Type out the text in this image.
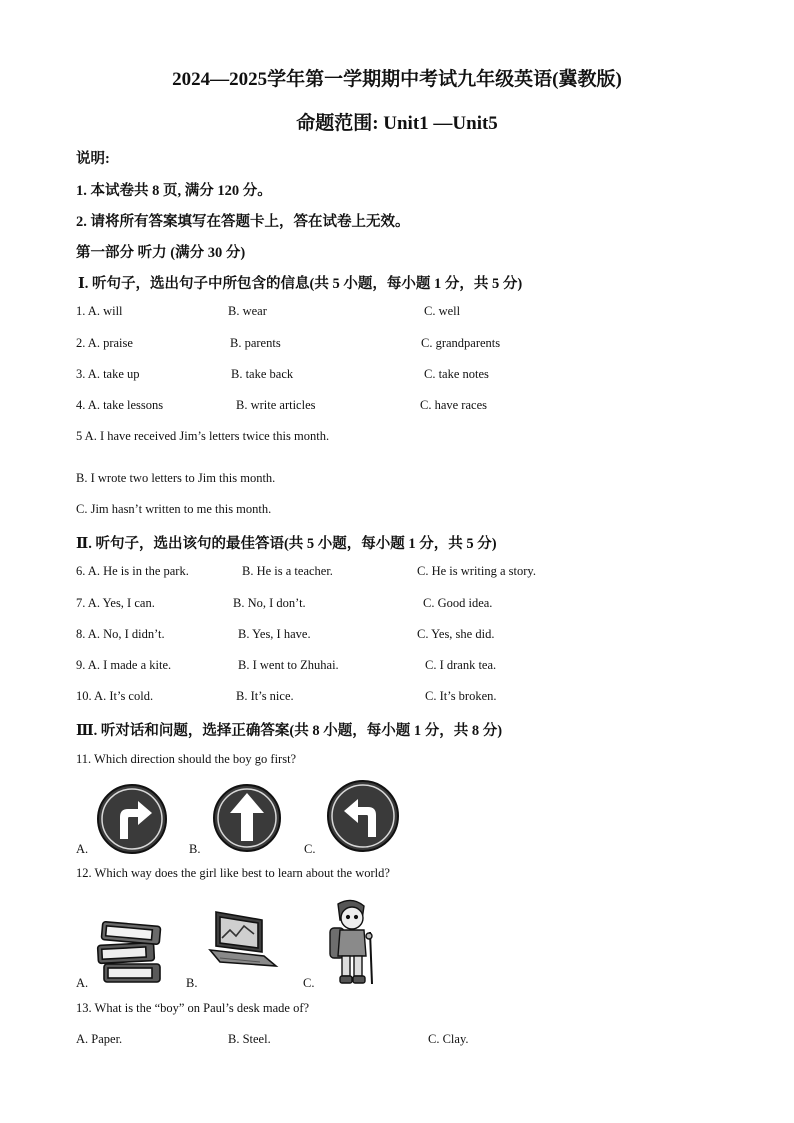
2024—2025学年第一学期期中考试九年级英语(冀教版)
命题范围: Unit1 —Unit5
说明:
1. 本试卷共 8 页, 满分 120 分。
2. 请将所有答案填写在答题卡上，答在试卷上无效。
第一部分 听力 (满分 30 分)
Ⅰ. 听句子，选出句子中所包含的信息(共 5 小题，每小题 1 分，共 5 分)
1. A. will	B. wear	C. well
2. A. praise	B. parents	C. grandparents
3. A. take up	B. take back	C. take notes
4. A. take lessons	B. write articles	C. have races
5 A. I have received Jim’s letters twice this month.
B. I wrote two letters to Jim this month.
C. Jim hasn’t written to me this month.
Ⅱ. 听句子，选出该句的最佳答语(共 5 小题，每小题 1 分，共 5 分)
6. A. He is in the park.	B. He is a teacher.	C. He is writing a story.
7. A. Yes, I can.	B. No, I don’t.	C. Good idea.
8. A. No, I didn’t.	B. Yes, I have.	C. Yes, she did.
9. A. I made a kite.	B. I went to Zhuhai.	C. I drank tea.
10. A. It’s cold.	B. It’s nice.	C. It’s broken.
Ⅲ. 听对话和问题，选择正确答案(共 8 小题，每小题 1 分，共 8 分)
11. Which direction should the boy go first?
A.	B.	C.
12. Which way does the girl like best to learn about the world?
A.	B.	C.
13. What is the “boy” on Paul’s desk made of?
A. Paper.	B. Steel.	C. Clay.
